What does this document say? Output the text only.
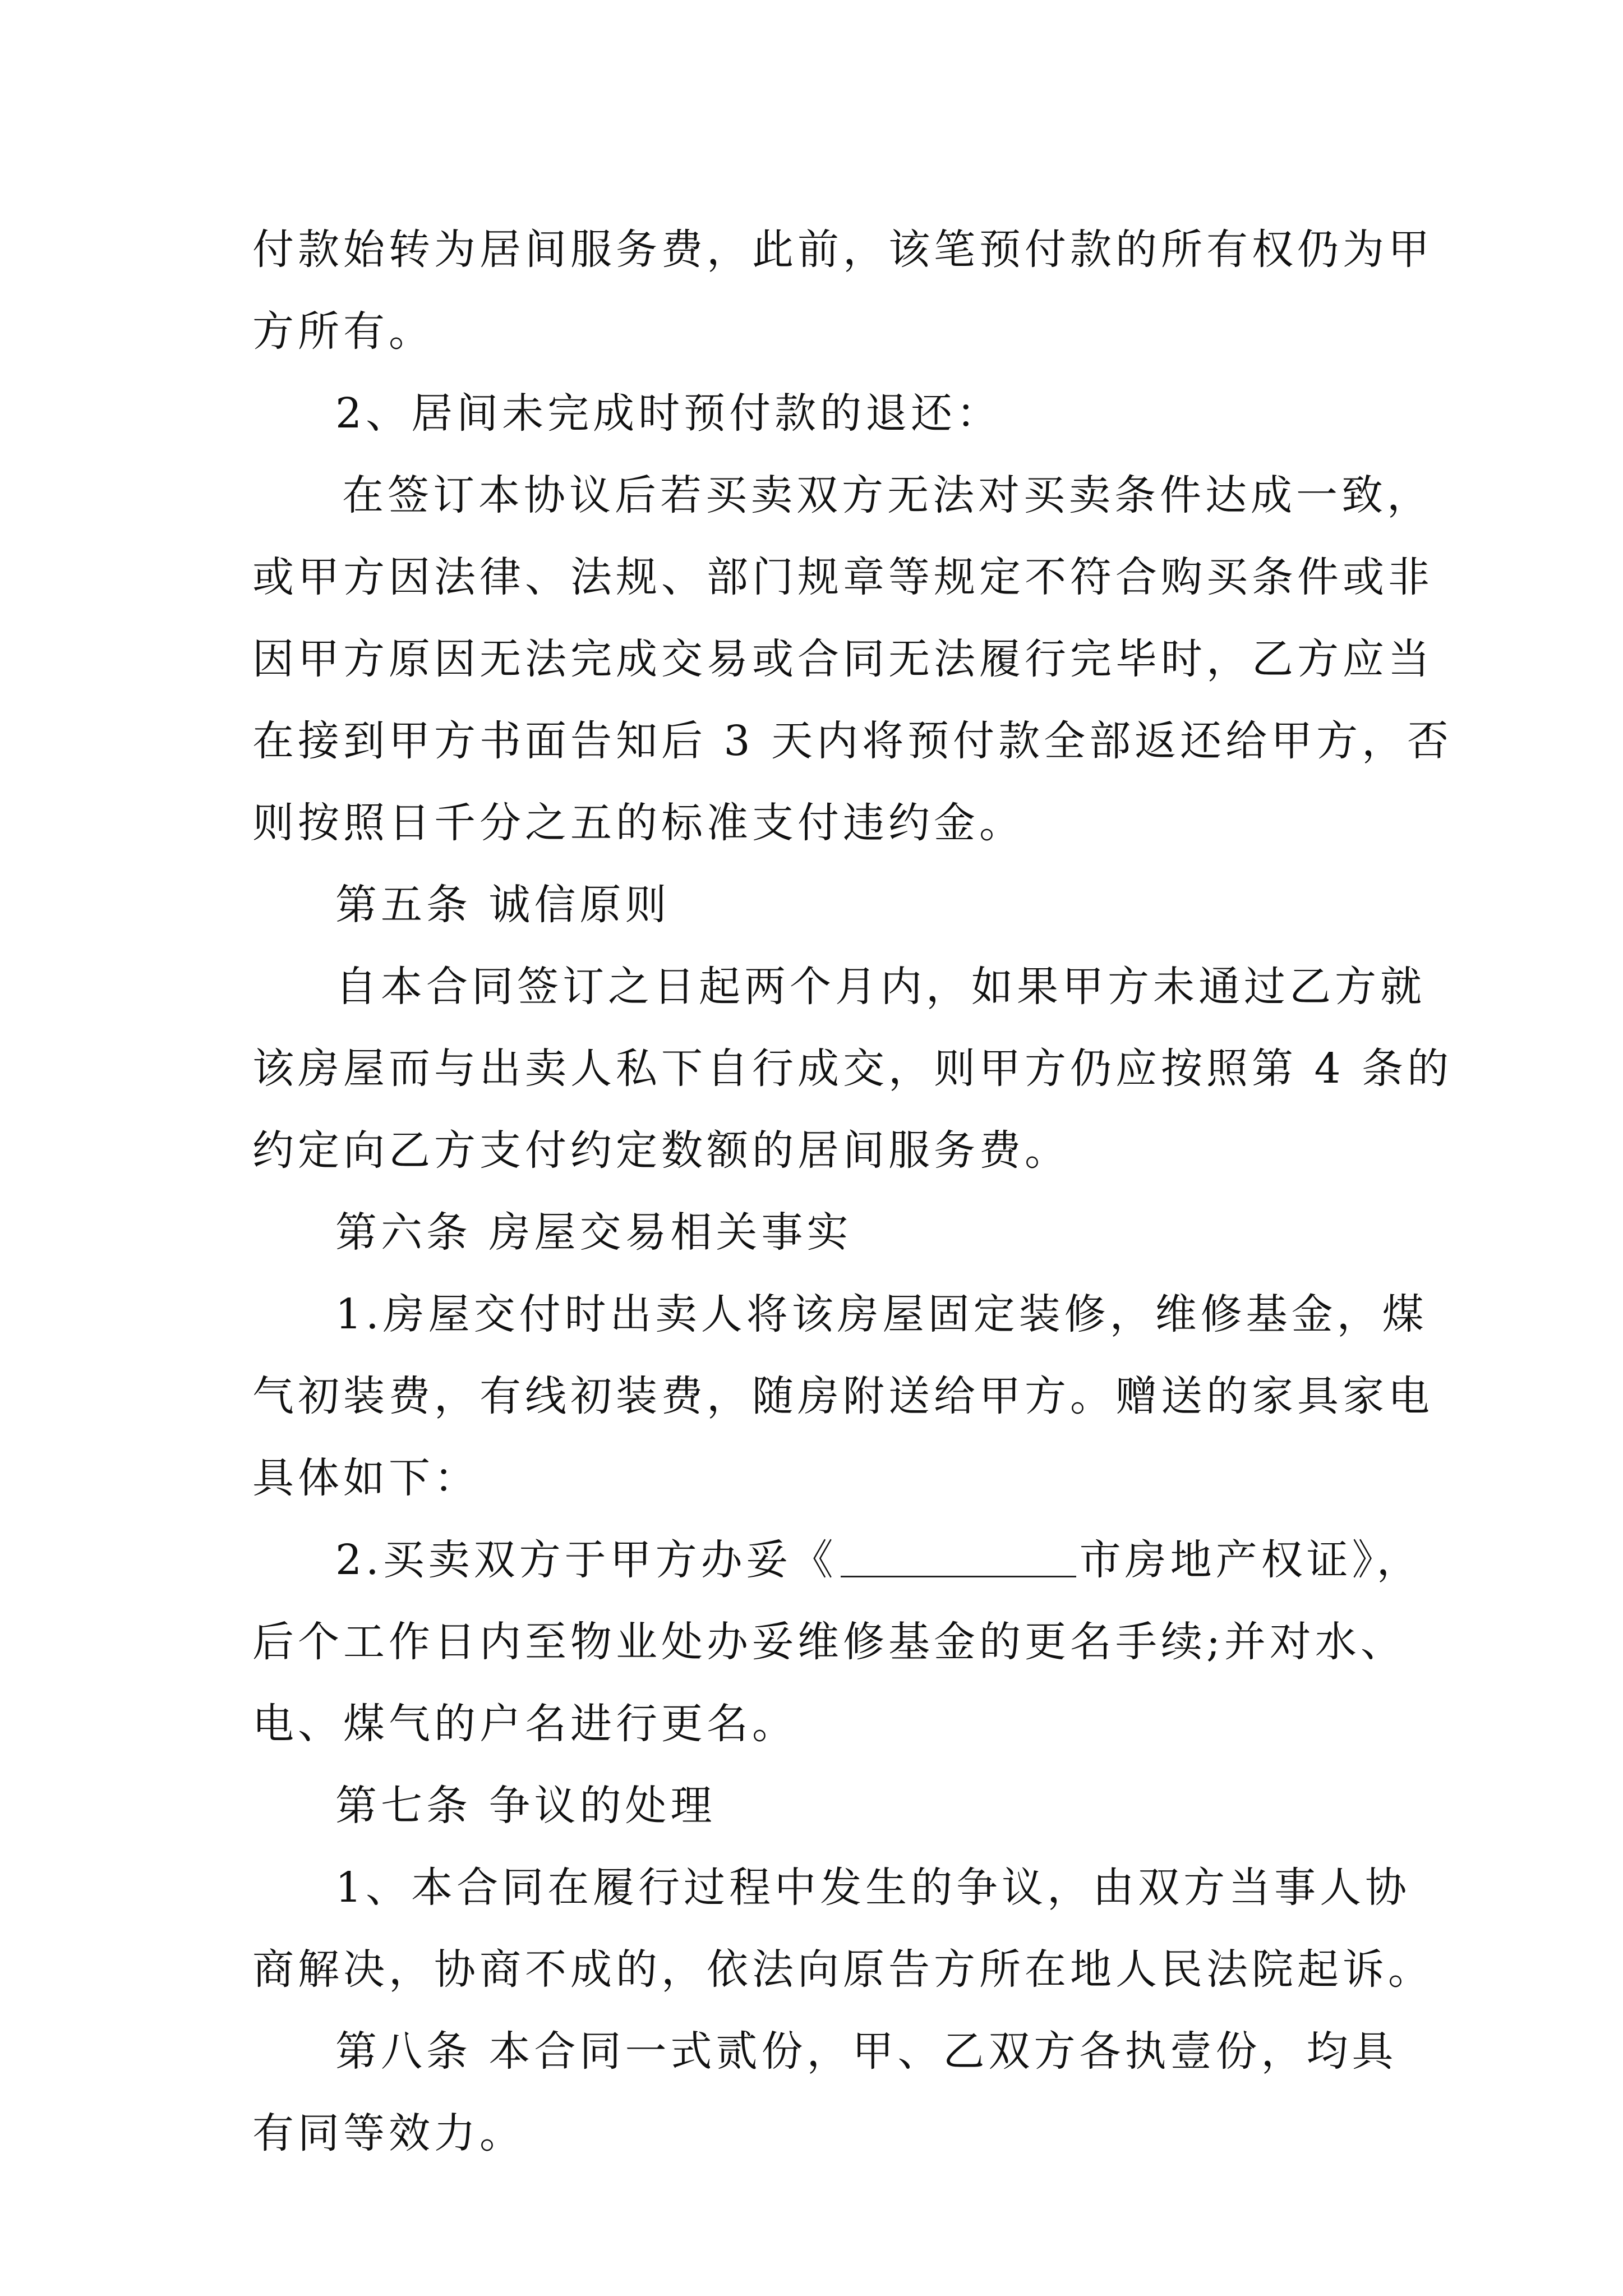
付款始转为居间服务费，此前，该笔预付款的所有权仍为甲
方所有。
2、居间未完成时预付款的退还：
在签订本协议后若买卖双方无法对买卖条件达成一致，
或甲方因法律、法规、部门规章等规定不符合购买条件或非
因甲方原因无法完成交易或合同无法履行完毕时，乙方应当
在接到甲方书面告知后 3 天内将预付款全部返还给甲方，否
则按照日千分之五的标准支付违约金。
第五条 诚信原则
自本合同签订之日起两个月内，如果甲方未通过乙方就
该房屋而与出卖人私下自行成交，则甲方仍应按照第 4 条的
约定向乙方支付约定数额的居间服务费。
第六条 房屋交易相关事实
1.房屋交付时出卖人将该房屋固定装修，维修基金，煤
气初装费，有线初装费，随房附送给甲方。赠送的家具家电
具体如下：
2.买卖双方于甲方办妥《	市房地产权证》，
后个工作日内至物业处办妥维修基金的更名手续;并对水、
电、煤气的户名进行更名。
第七条 争议的处理
1、本合同在履行过程中发生的争议，由双方当事人协
商解决，协商不成的，依法向原告方所在地人民法院起诉。
第八条 本合同一式贰份，甲、乙双方各执壹份，均具
有同等效力。
